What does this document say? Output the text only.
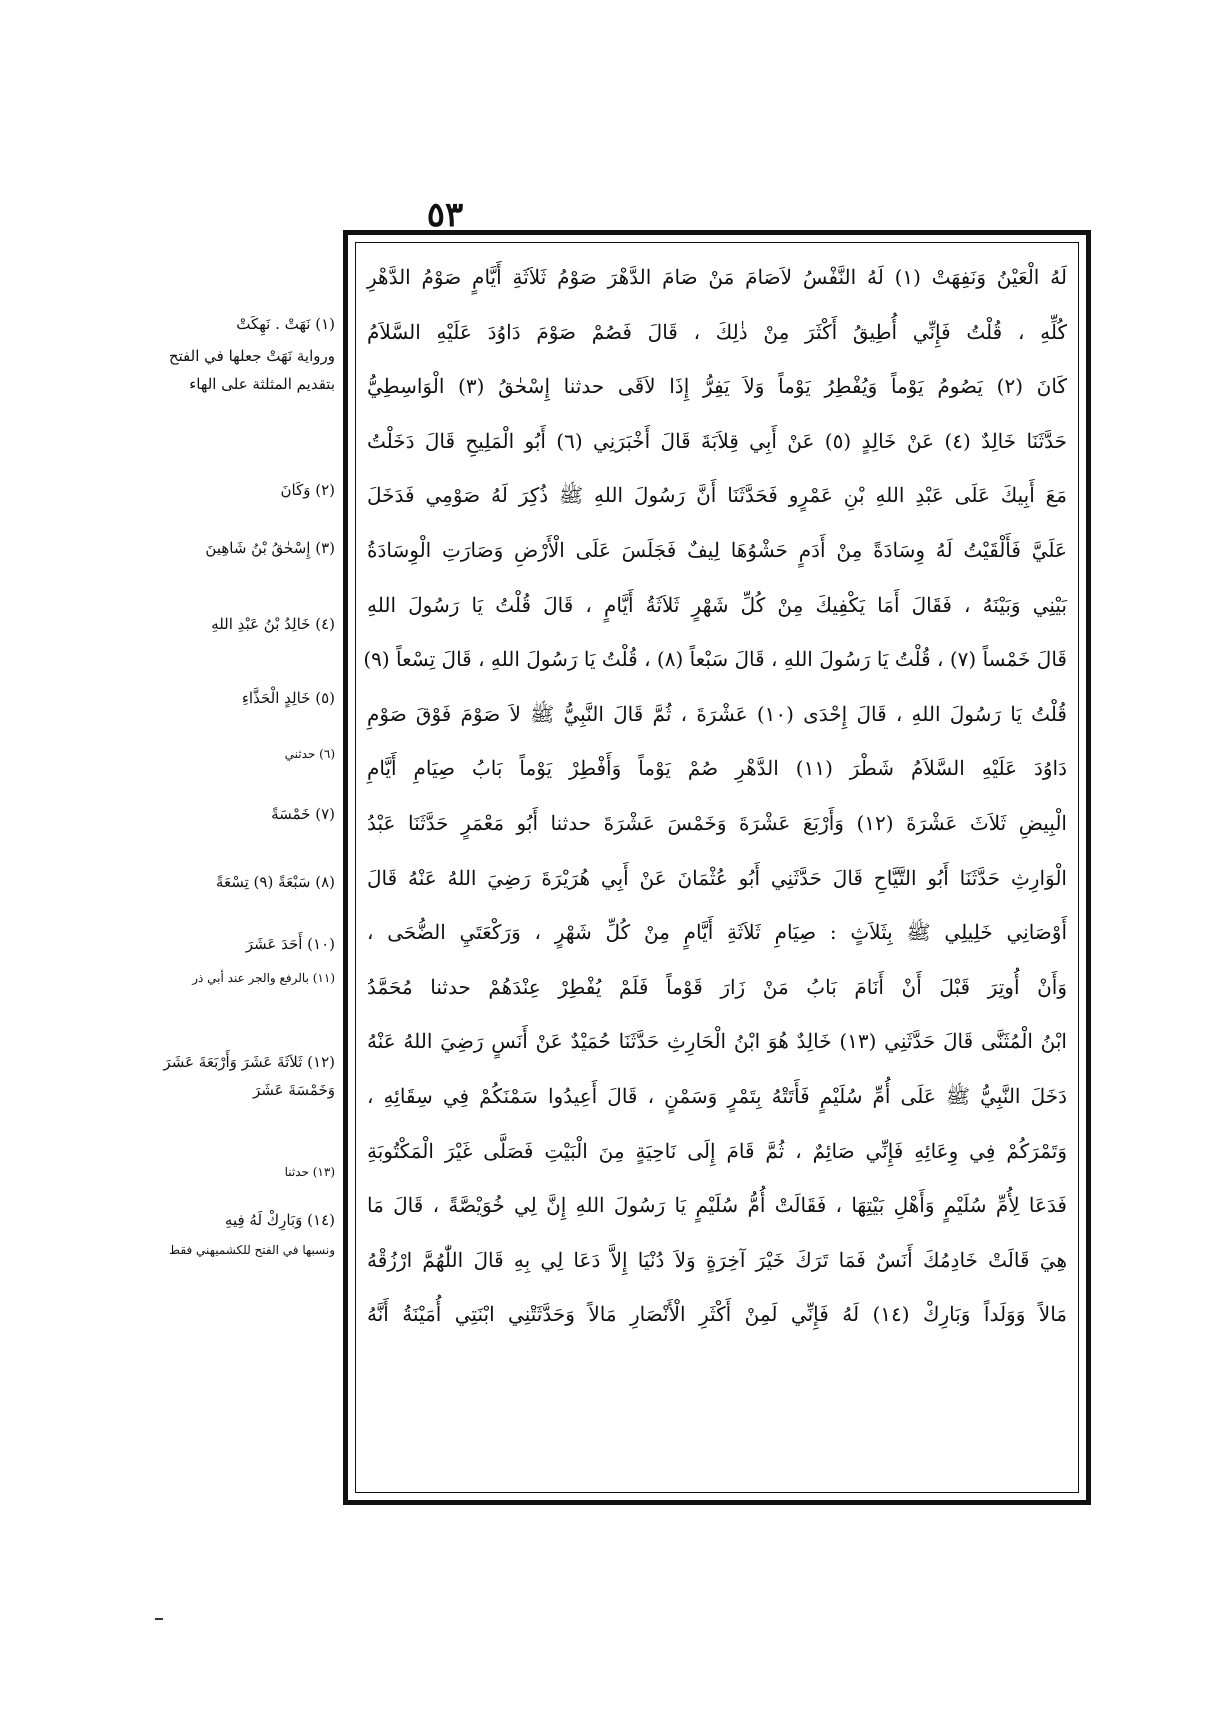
٥٣
لَهُ الْعَيْنُ وَنَفِهَتْ (١) لَهُ النَّفْسُ لاَصَامَ مَنْ صَامَ الدَّهْرَ صَوْمُ ثَلاَثَةِ أَيَّامٍ صَوْمُ الدَّهْرِ
كُلِّهِ ، قُلْتُ فَإِنِّي أُطِيقُ أَكْثَرَ مِنْ ذٰلِكَ ، قَالَ فَصُمْ صَوْمَ دَاوُدَ عَلَيْهِ السَّلاَمُ
كَانَ (٢) يَصُومُ يَوْماً وَيُفْطِرُ يَوْماً وَلاَ يَفِرُّ إِذَا لاَقَى حدثنا إِسْحٰقُ (٣) الْوَاسِطِيُّ
حَدَّثَنَا خَالِدٌ (٤) عَنْ خَالِدٍ (٥) عَنْ أَبِي قِلاَبَةَ قَالَ أَخْبَرَنِي (٦) أَبُو الْمَلِيحِ قَالَ دَخَلْتُ
مَعَ أَبِيكَ عَلَى عَبْدِ اللهِ بْنِ عَمْرٍو فَحَدَّثَنَا أَنَّ رَسُولَ اللهِ ﷺ ذُكِرَ لَهُ صَوْمِي فَدَخَلَ
عَلَيَّ فَأَلْقَيْتُ لَهُ وِسَادَةً مِنْ أَدَمٍ حَشْوُهَا لِيفٌ فَجَلَسَ عَلَى الْأَرْضِ وَصَارَتِ الْوِسَادَةُ
بَيْنِي وَبَيْنَهُ ، فَقَالَ أَمَا يَكْفِيكَ مِنْ كُلِّ شَهْرٍ ثَلاَثَةُ أَيَّامٍ ، قَالَ قُلْتُ يَا رَسُولَ اللهِ
قَالَ خَمْساً (٧) ، قُلْتُ يَا رَسُولَ اللهِ ، قَالَ سَبْعاً (٨) ، قُلْتُ يَا رَسُولَ اللهِ ، قَالَ تِسْعاً (٩)
قُلْتُ يَا رَسُولَ اللهِ ، قَالَ إِحْدَى (١٠) عَشْرَةَ ، ثُمَّ قَالَ النَّبِيُّ ﷺ لاَ صَوْمَ فَوْقَ صَوْمِ
دَاوُدَ عَلَيْهِ السَّلاَمُ شَطْرَ (١١) الدَّهْرِ صُمْ يَوْماً وَأَفْطِرْ يَوْماً بَابُ صِيَامِ أَيَّامِ
الْبِيضِ ثَلاَثَ عَشْرَةَ (١٢) وَأَرْبَعَ عَشْرَةَ وَخَمْسَ عَشْرَةَ حدثنا أَبُو مَعْمَرٍ حَدَّثَنَا عَبْدُ
الْوَارِثِ حَدَّثَنَا أَبُو التَّيَّاحِ قَالَ حَدَّثَنِي أَبُو عُثْمَانَ عَنْ أَبِي هُرَيْرَةَ رَضِيَ اللهُ عَنْهُ قَالَ
أَوْصَانِي خَلِيلِي ﷺ بِثَلاَثٍ : صِيَامِ ثَلاَثَةِ أَيَّامٍ مِنْ كُلِّ شَهْرٍ ، وَرَكْعَتَيِ الضُّحَى ،
وَأَنْ أُوتِرَ قَبْلَ أَنْ أَنَامَ بَابُ مَنْ زَارَ قَوْماً فَلَمْ يُفْطِرْ عِنْدَهُمْ حدثنا مُحَمَّدُ
ابْنُ الْمُثَنَّى قَالَ حَدَّثَنِي (١٣) خَالِدٌ هُوَ ابْنُ الْحَارِثِ حَدَّثَنَا حُمَيْدٌ عَنْ أَنَسٍ رَضِيَ اللهُ عَنْهُ
دَخَلَ النَّبِيُّ ﷺ عَلَى أُمِّ سُلَيْمٍ فَأَتَتْهُ بِتَمْرٍ وَسَمْنٍ ، قَالَ أَعِيدُوا سَمْنَكُمْ فِي سِقَائِهِ ،
وَتَمْرَكُمْ فِي وِعَائِهِ فَإِنِّي صَائِمٌ ، ثُمَّ قَامَ إِلَى نَاحِيَةٍ مِنَ الْبَيْتِ فَصَلَّى غَيْرَ الْمَكْتُوبَةِ
فَدَعَا لِأُمِّ سُلَيْمٍ وَأَهْلِ بَيْتِهَا ، فَقَالَتْ أُمُّ سُلَيْمٍ يَا رَسُولَ اللهِ إِنَّ لِي خُوَيْصَّةً ، قَالَ مَا
هِيَ قَالَتْ خَادِمُكَ أَنَسٌ فَمَا تَرَكَ خَيْرَ آخِرَةٍ وَلاَ دُنْيَا إِلاَّ دَعَا لِي بِهِ قَالَ اللّٰهُمَّ ارْزُقْهُ
مَالاً وَوَلَداً وَبَارِكْ (١٤) لَهُ فَإِنِّي لَمِنْ أَكْثَرِ الْأَنْصَارِ مَالاً وَحَدَّثَتْنِي ابْنَتِي أُمَيْنَةُ أَنَّهُ
(١) نَهَتْ . نَهِكَتْ
ورواية نَهَتْ جعلها في الفتح بتقديم المثلثة على الهاء
(٢) وَكَانَ
(٣) إِسْحٰقُ بْنُ شَاهِينَ
(٤) خَالِدُ بْنُ عَبْدِ اللهِ
(٥) خَالِدٍ الْحَذَّاءِ
(٦) حدثني
(٧) خَمْسَةً
(٨) سَبْعَةً (٩) تِسْعَةً
(١٠) أَحَدَ عَشَرَ
(١١) بالرفع والجر عند أبي ذر
(١٢) ثَلاَثَةَ عَشَرَ وَأَرْبَعَةَ عَشَرَ وَخَمْسَةَ عَشَرَ
(١٣) حدثنا
(١٤) وَبَارِكْ لَهُ فِيهِ
ونسبها في الفتح للكشميهني فقط
